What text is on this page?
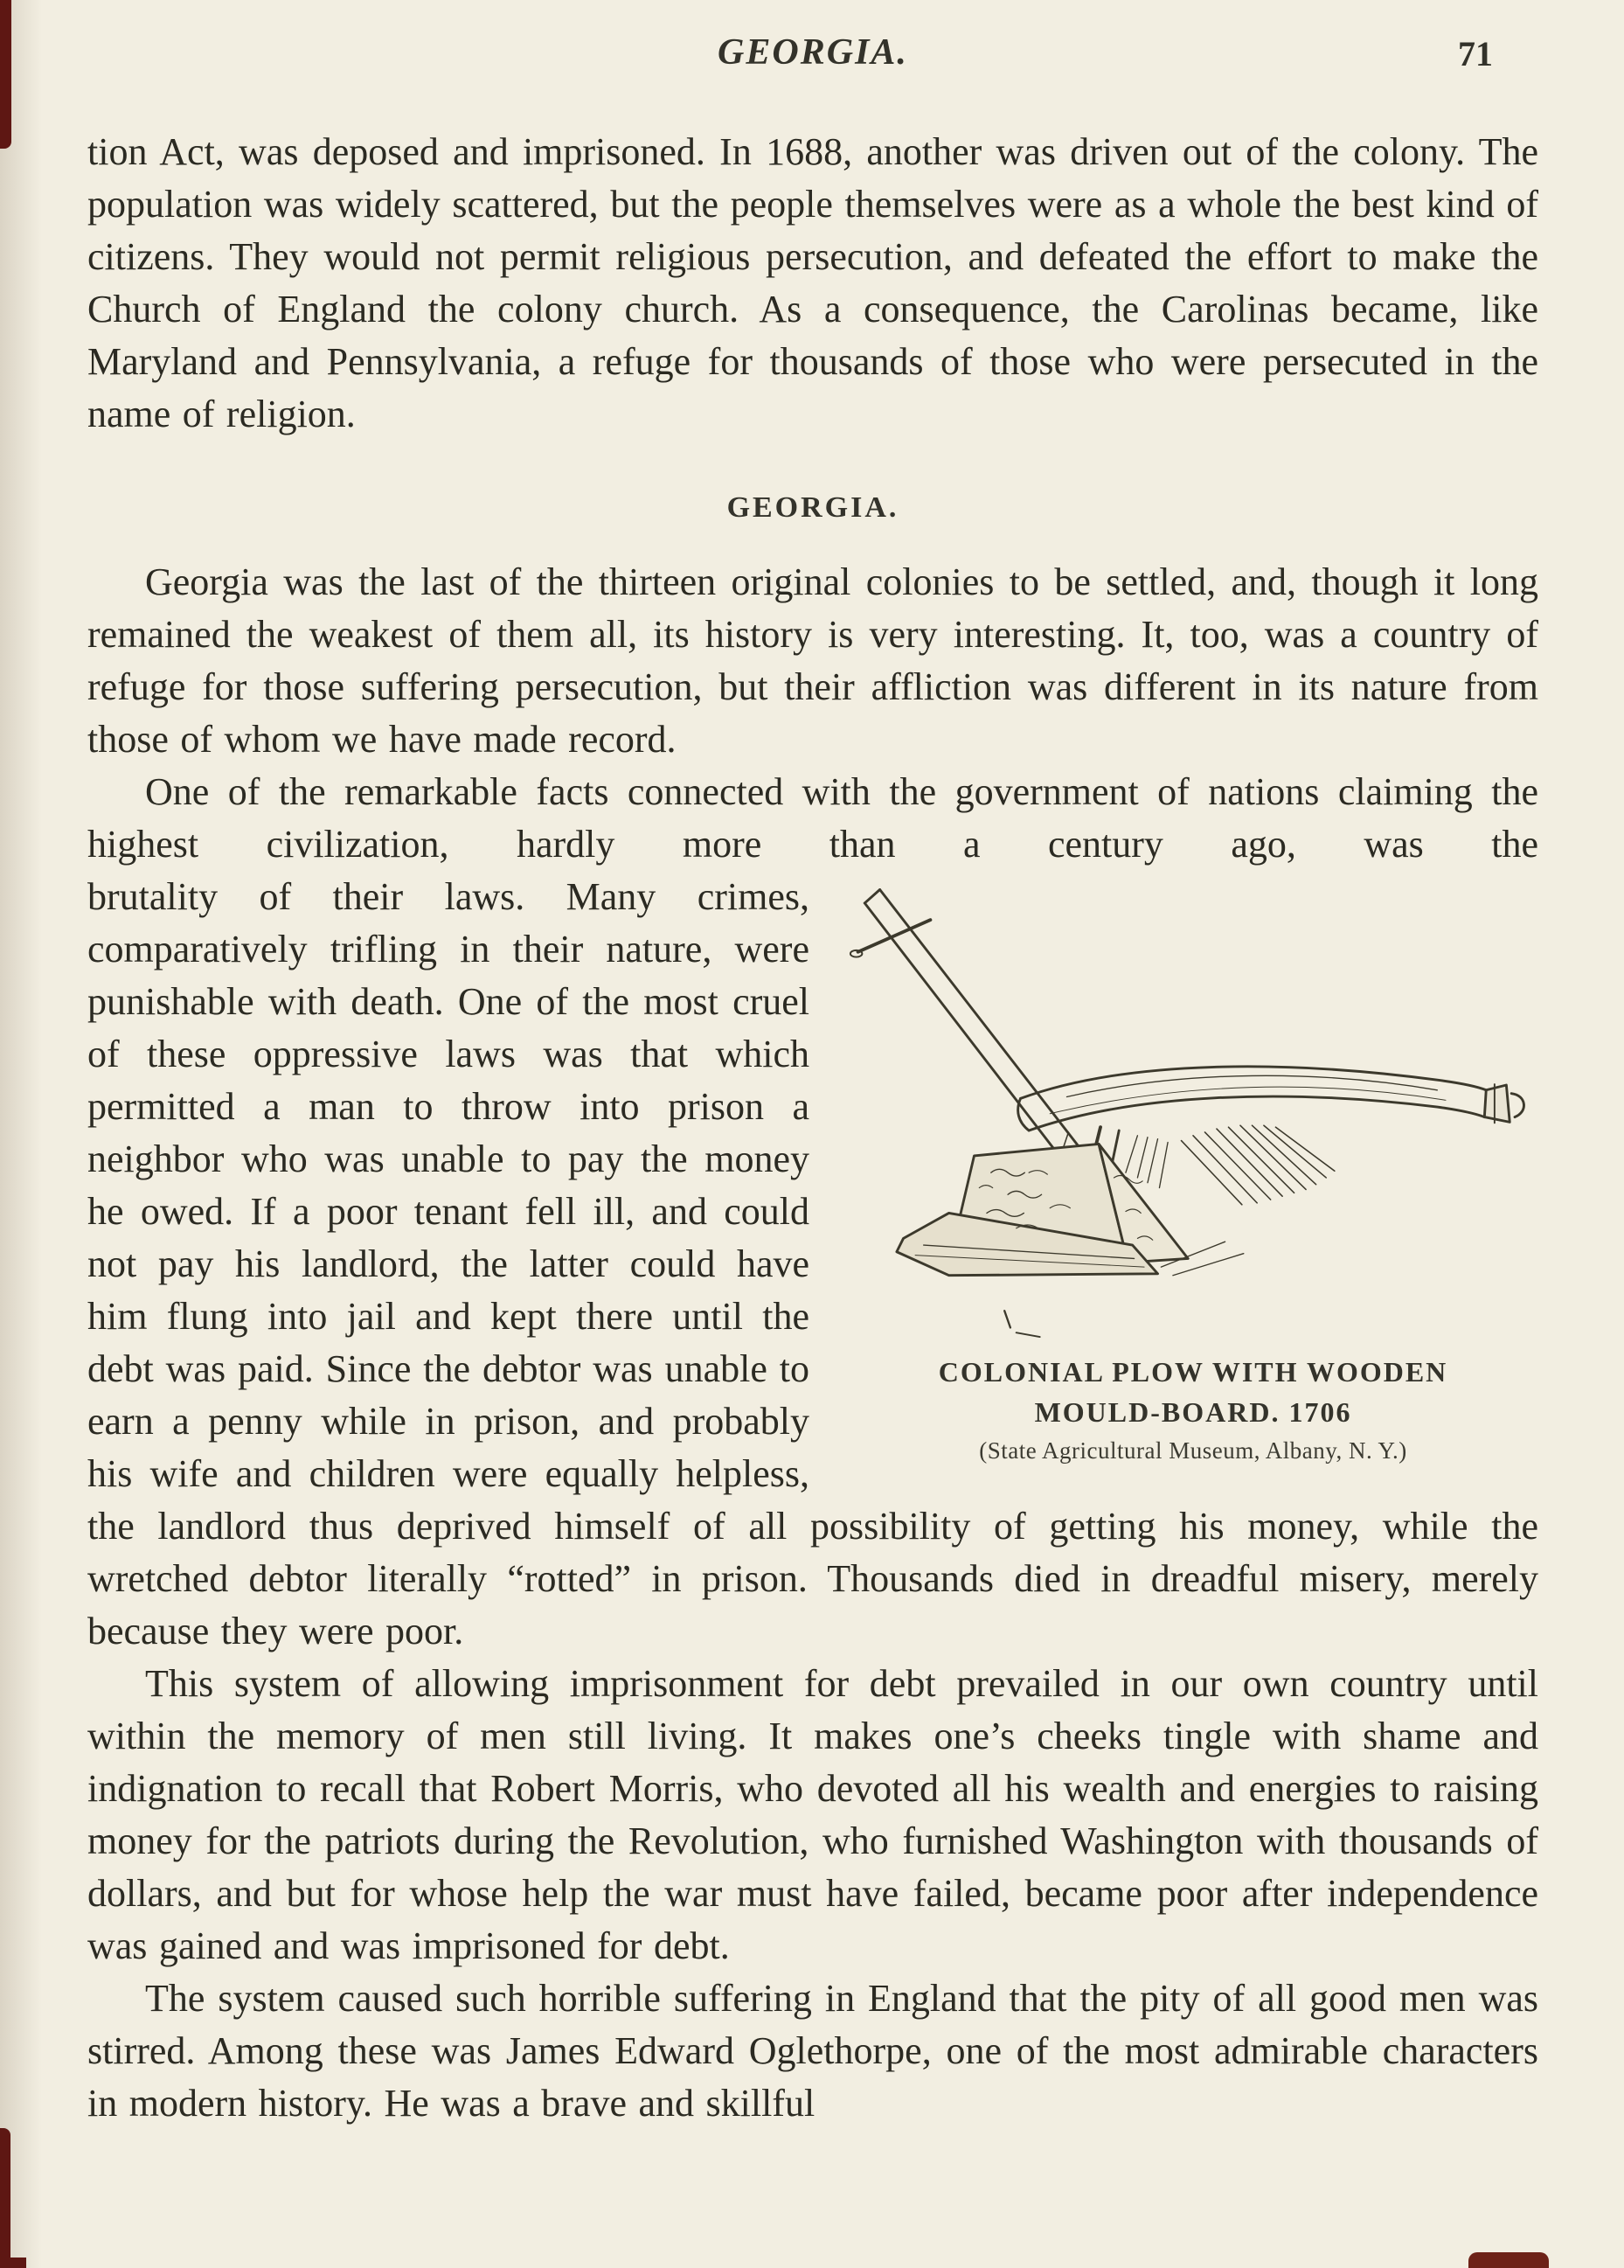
GEORGIA.	71

tion Act, was deposed and imprisoned. In 1688, another was driven out of the colony. The population was widely scattered, but the people themselves were as a whole the best kind of citizens. They would not permit religious persecution, and defeated the effort to make the Church of England the colony church. As a consequence, the Carolinas became, like Maryland and Pennsylvania, a refuge for thousands of those who were persecuted in the name of religion.

GEORGIA.

Georgia was the last of the thirteen original colonies to be settled, and, though it long remained the weakest of them all, its history is very interesting. It, too, was a country of refuge for those suffering persecution, but their affliction was different in its nature from those of whom we have made record.

One of the remarkable facts connected with the government of nations claiming the highest civilization, hardly more than a century ago, was the

COLONIAL PLOW WITH WOODEN
MOULD-BOARD. 1706
(State Agricultural Museum, Albany, N. Y.)

brutality of their laws. Many crimes, comparatively trifling in their nature, were punishable with death. One of the most cruel of these oppressive laws was that which permitted a man to throw into prison a neighbor who was unable to pay the money he owed. If a poor tenant fell ill, and could not pay his landlord, the latter could have him flung into jail and kept there until the debt was paid. Since the debtor was unable to earn a penny while in prison, and probably his wife and children were equally helpless, the landlord thus deprived himself of all possibility of getting his money, while the wretched debtor literally “rotted” in prison. Thousands died in dreadful misery, merely because they were poor.

This system of allowing imprisonment for debt prevailed in our own country until within the memory of men still living. It makes one’s cheeks tingle with shame and indignation to recall that Robert Morris, who devoted all his wealth and energies to raising money for the patriots during the Revolution, who furnished Washington with thousands of dollars, and but for whose help the war must have failed, became poor after independence was gained and was imprisoned for debt.

The system caused such horrible suffering in England that the pity of all good men was stirred. Among these was James Edward Oglethorpe, one of the most admirable characters in modern history. He was a brave and skillful
